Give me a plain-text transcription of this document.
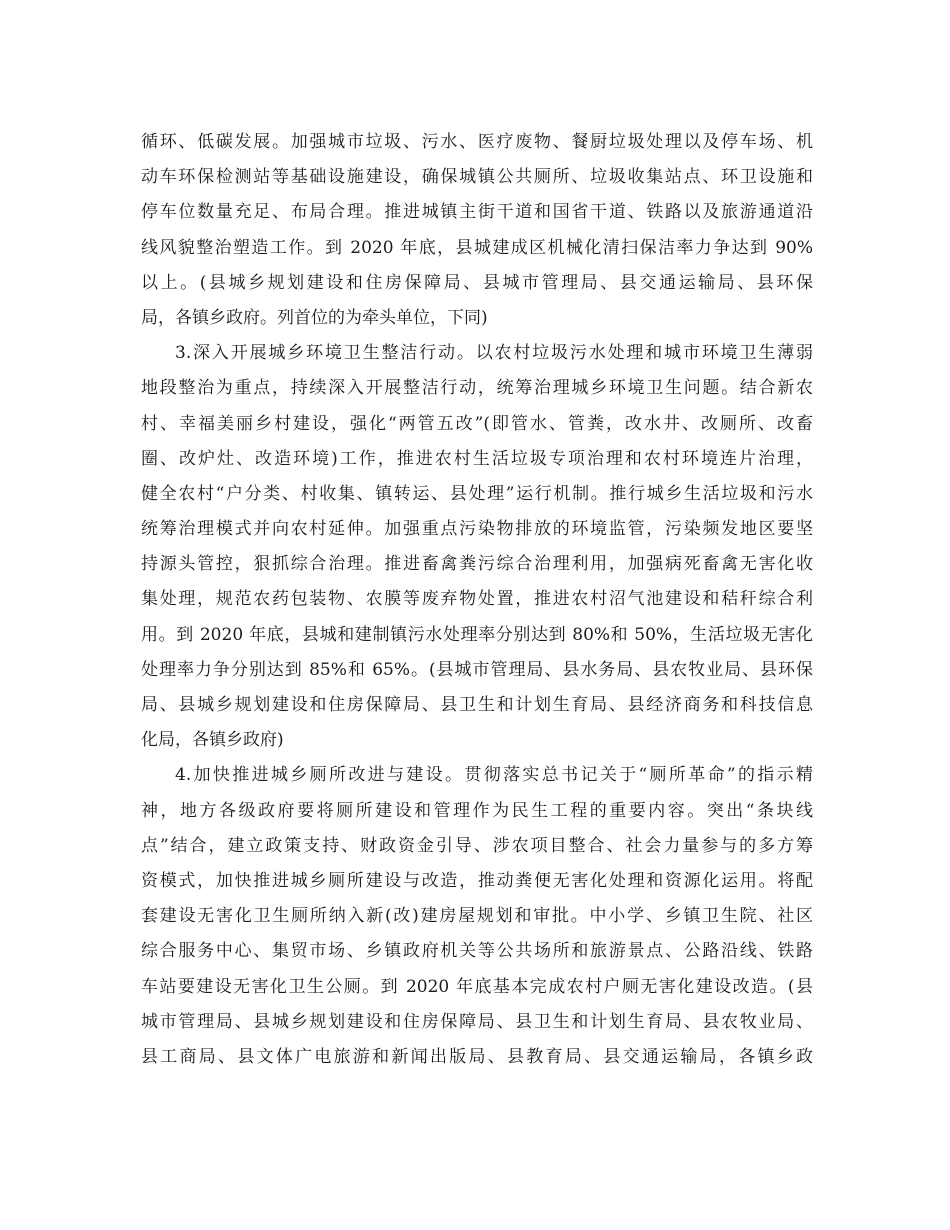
循环、低碳发展。加强城市垃圾、污水、医疗废物、餐厨垃圾处理以及停车场、机
动车环保检测站等基础设施建设，确保城镇公共厕所、垃圾收集站点、环卫设施和
停车位数量充足、布局合理。推进城镇主街干道和国省干道、铁路以及旅游通道沿
线风貌整治塑造工作。到 2020 年底，县城建成区机械化清扫保洁率力争达到 90%
以上。(县城乡规划建设和住房保障局、县城市管理局、县交通运输局、县环保
局，各镇乡政府。列首位的为牵头单位，下同)
3.深入开展城乡环境卫生整洁行动。以农村垃圾污水处理和城市环境卫生薄弱
地段整治为重点，持续深入开展整洁行动，统筹治理城乡环境卫生问题。结合新农
村、幸福美丽乡村建设，强化“两管五改”(即管水、管粪，改水井、改厕所、改畜
圈、改炉灶、改造环境)工作，推进农村生活垃圾专项治理和农村环境连片治理，
健全农村“户分类、村收集、镇转运、县处理”运行机制。推行城乡生活垃圾和污水
统筹治理模式并向农村延伸。加强重点污染物排放的环境监管，污染频发地区要坚
持源头管控，狠抓综合治理。推进畜禽粪污综合治理利用，加强病死畜禽无害化收
集处理，规范农药包装物、农膜等废弃物处置，推进农村沼气池建设和秸秆综合利
用。到 2020 年底，县城和建制镇污水处理率分别达到 80%和 50%，生活垃圾无害化
处理率力争分别达到 85%和 65%。(县城市管理局、县水务局、县农牧业局、县环保
局、县城乡规划建设和住房保障局、县卫生和计划生育局、县经济商务和科技信息
化局，各镇乡政府)
4.加快推进城乡厕所改进与建设。贯彻落实总书记关于“厕所革命”的指示精
神，地方各级政府要将厕所建设和管理作为民生工程的重要内容。突出“条块线
点”结合，建立政策支持、财政资金引导、涉农项目整合、社会力量参与的多方筹
资模式，加快推进城乡厕所建设与改造，推动粪便无害化处理和资源化运用。将配
套建设无害化卫生厕所纳入新(改)建房屋规划和审批。中小学、乡镇卫生院、社区
综合服务中心、集贸市场、乡镇政府机关等公共场所和旅游景点、公路沿线、铁路
车站要建设无害化卫生公厕。到 2020 年底基本完成农村户厕无害化建设改造。(县
城市管理局、县城乡规划建设和住房保障局、县卫生和计划生育局、县农牧业局、
县工商局、县文体广电旅游和新闻出版局、县教育局、县交通运输局，各镇乡政
